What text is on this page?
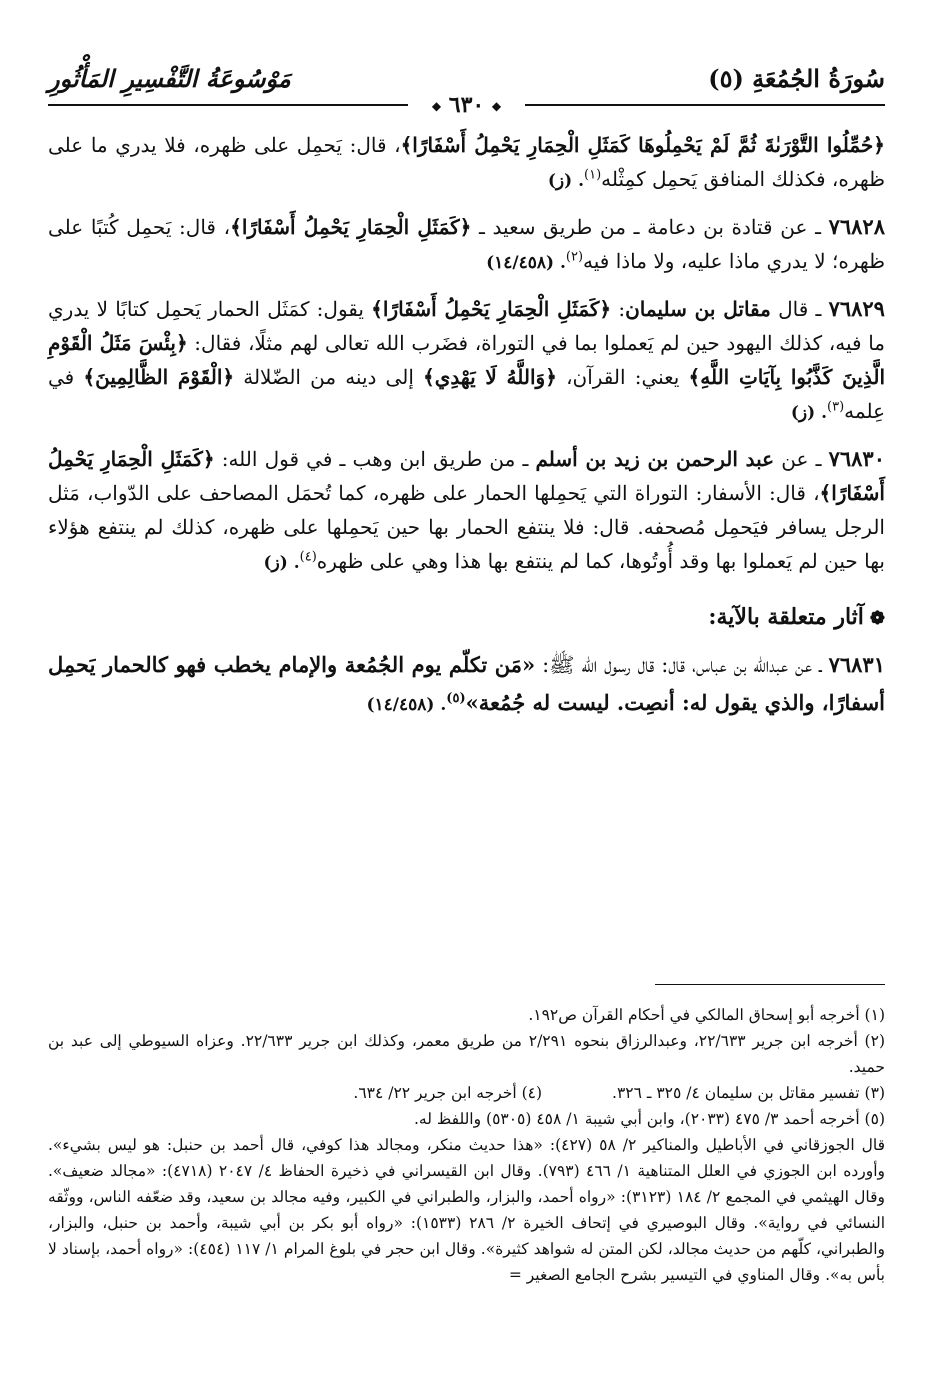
سُورَةُ الجُمُعَةِ (٥)
مَوْسُوعَةُ التَّفْسِيرِ المَأْثُورِ
◆ ٦٣٠ ◆

﴿حُمِّلُوا التَّوْرَىٰةَ ثُمَّ لَمْ يَحْمِلُوهَا كَمَثَلِ الْحِمَارِ يَحْمِلُ أَسْفَارًا﴾، قال: يَحمِل على ظهره، فلا يدري ما على ظهره، فكذلك المنافق يَحمِل كمِثْله$^{(١)}$. (ز)

٧٦٨٢٨ ـ عن قتادة بن دعامة ـ من طريق سعيد ـ ﴿كَمَثَلِ الْحِمَارِ يَحْمِلُ أَسْفَارًا﴾، قال: يَحمِل كُتبًا على ظهره؛ لا يدري ماذا عليه، ولا ماذا فيه$^{(٢)}$. (١٤/٤٥٨)

٧٦٨٢٩ ـ قال مقاتل بن سليمان: ﴿كَمَثَلِ الْحِمَارِ يَحْمِلُ أَسْفَارًا﴾ يقول: كمَثَل الحمار يَحمِل كتابًا لا يدري ما فيه، كذلك اليهود حين لم يَعملوا بما في التوراة، فضَرب الله تعالى لهم مثلًا، فقال: ﴿بِئْسَ مَثَلُ الْقَوْمِ الَّذِينَ كَذَّبُوا بِآيَاتِ اللَّهِ﴾ يعني: القرآن، ﴿وَاللَّهُ لَا يَهْدِي﴾ إلى دينه من الضّلالة ﴿الْقَوْمَ الظَّالِمِينَ﴾ في عِلمه$^{(٣)}$. (ز)

٧٦٨٣٠ ـ عن عبد الرحمن بن زيد بن أسلم ـ من طريق ابن وهب ـ في قول الله: ﴿كَمَثَلِ الْحِمَارِ يَحْمِلُ أَسْفَارًا﴾، قال: الأسفار: التوراة التي يَحمِلها الحمار على ظهره، كما تُحمَل المصاحف على الدّواب، مَثل الرجل يسافر فيَحمِل مُصحفه. قال: فلا ينتفع الحمار بها حين يَحمِلها على ظهره، كذلك لم ينتفع هؤلاء بها حين لم يَعملوا بها وقد أُوتُوها، كما لم ينتفع بها هذا وهي على ظهره$^{(٤)}$. (ز)

❁آثار متعلقة بالآية:

٧٦٨٣١ ـ عن عبدالله بن عباس، قال: قال رسول الله ﷺ: «مَن تكلّم يوم الجُمُعة والإمام يخطب فهو كالحمار يَحمِل أسفارًا، والذي يقول له: أنصِت. ليست له جُمُعة»$^{(٥)}$. (١٤/٤٥٨)

(١) أخرجه أبو إسحاق المالكي في أحكام القرآن ص١٩٢.

(٢) أخرجه ابن جرير ٢٢/٦٣٣، وعبدالرزاق بنحوه ٢/٢٩١ من طريق معمر، وكذلك ابن جرير ٢٢/٦٣٣. وعزاه السيوطي إلى عبد بن حميد.

(٣) تفسير مقاتل بن سليمان ٤/ ٣٢٥ ـ ٣٢٦.
(٤) أخرجه ابن جرير ٢٢/ ٦٣٤.

(٥) أخرجه أحمد ٣/ ٤٧٥ (٢٠٣٣)، وابن أبي شيبة ١/ ٤٥٨ (٥٣٠٥) واللفظ له.

قال الجوزقاني في الأباطيل والمناكير ٢/ ٥٨ (٤٢٧): «هذا حديث منكر، ومجالد هذا كوفي، قال أحمد بن حنبل: هو ليس بشيء». وأورده ابن الجوزي في العلل المتناهية ١/ ٤٦٦ (٧٩٣). وقال ابن القيسراني في ذخيرة الحفاظ ٤/ ٢٠٤٧ (٤٧١٨): «مجالد ضعيف». وقال الهيثمي في المجمع ٢/ ١٨٤ (٣١٢٣): «رواه أحمد، والبزار، والطبراني في الكبير، وفيه مجالد بن سعيد، وقد ضعّفه الناس، ووثّقه النسائي في رواية». وقال البوصيري في إتحاف الخيرة ٢/ ٢٨٦ (١٥٣٣): «رواه أبو بكر بن أبي شيبة، وأحمد بن حنبل، والبزار، والطبراني، كلّهم من حديث مجالد، لكن المتن له شواهد كثيرة». وقال ابن حجر في بلوغ المرام ١/ ١١٧ (٤٥٤): «رواه أحمد، بإسناد لا بأس به». وقال المناوي في التيسير بشرح الجامع الصغير =
